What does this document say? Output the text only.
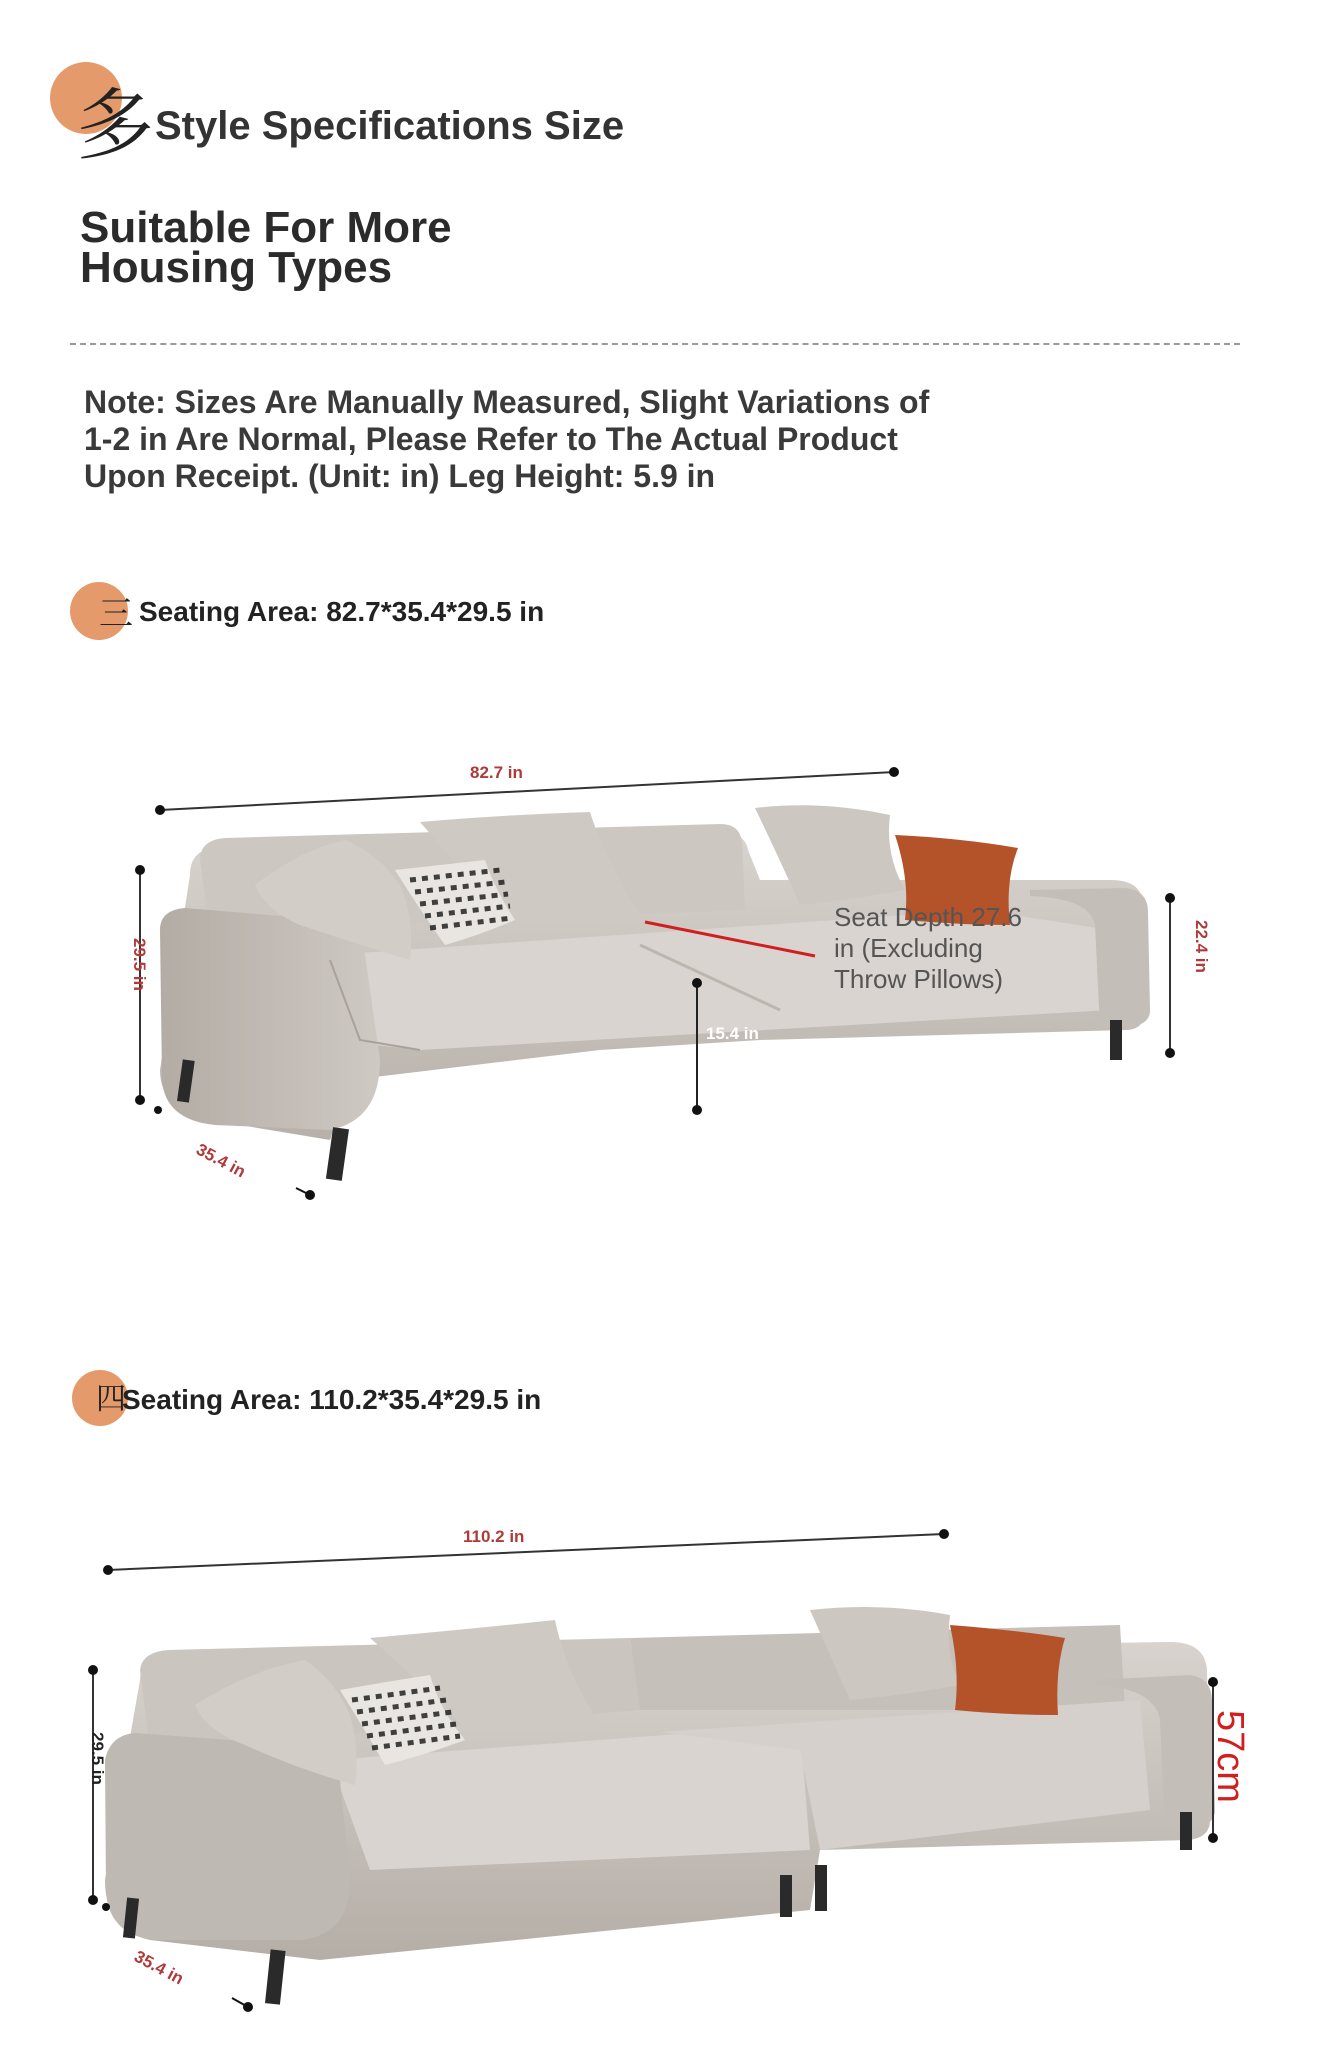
多 Style Specifications Size
Suitable For More
Housing Types
Note: Sizes Are Manually Measured, Slight Variations of
1-2 in Are Normal, Please Refer to The Actual Product
Upon Receipt. (Unit: in) Leg Height: 5.9 in
三 Seating Area: 82.7*35.4*29.5 in
82.7 in
29.5 in	22.4 in
15.4 in
Seat Depth 27.6
in (Excluding
Throw Pillows)
35.4 in
四
Seating Area: 110.2*35.4*29.5 in
110.2 in
29.5 in	57cm
35.4 in
